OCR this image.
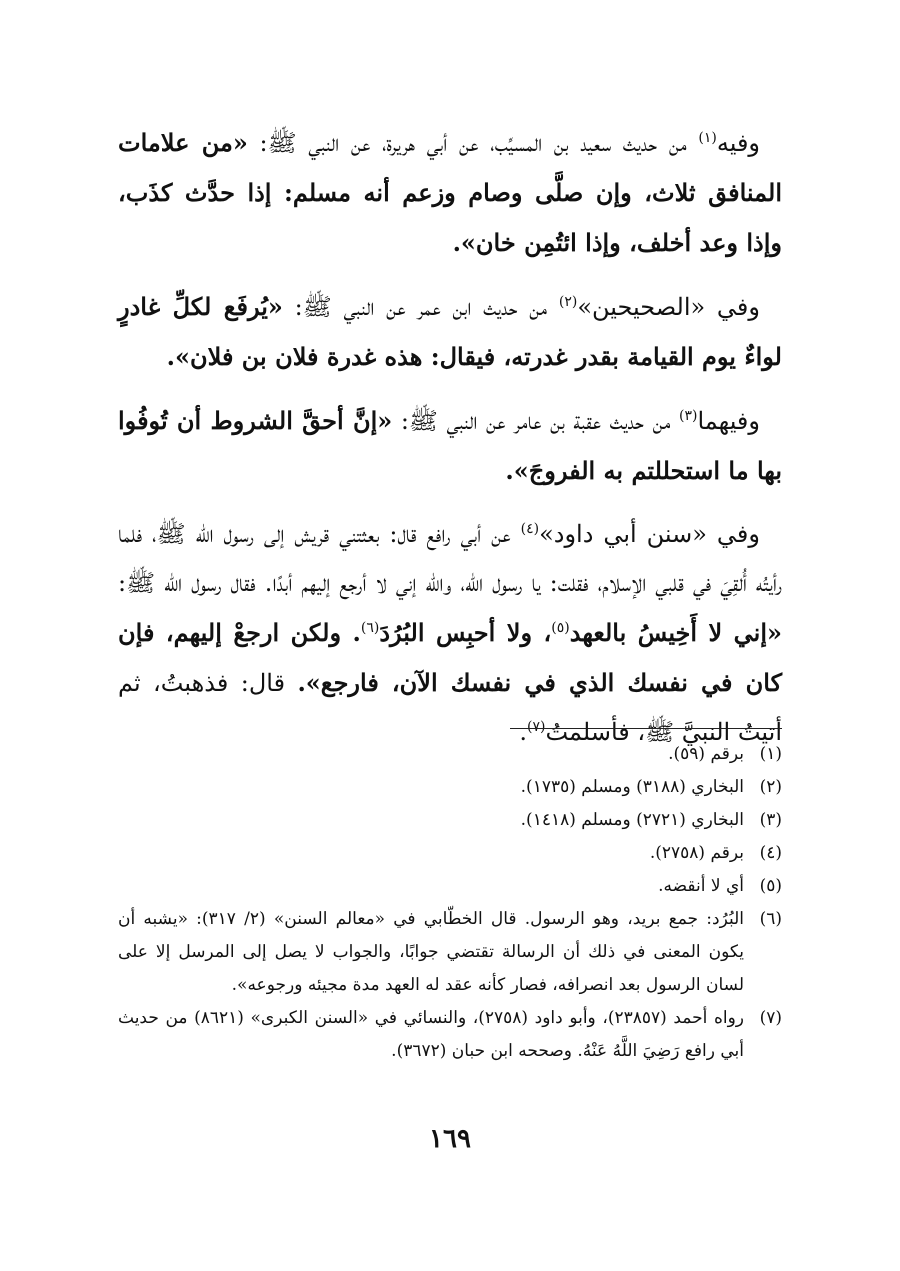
وفيه$^{(١)}$ من حديث سعيد بن المسيِّب، عن أبي هريرة، عن النبي ﷺ: «من علامات المنافق ثلاث، وإن صلَّى وصام وزعم أنه مسلم: إذا حدَّث كذَب، وإذا وعد أخلف، وإذا ائتُمِن خان».

وفي «الصحيحين»$^{(٢)}$ من حديث ابن عمر عن النبي ﷺ: «يُرفَع لكلِّ غادرٍ لواءٌ يوم القيامة بقدر غدرته، فيقال: هذه غدرة فلان بن فلان».

وفيهما$^{(٣)}$ من حديث عقبة بن عامر عن النبي ﷺ: «إنَّ أحقَّ الشروط أن تُوفُوا بها ما استحللتم به الفروجَ».

وفي «سنن أبي داود»$^{(٤)}$ عن أبي رافع قال: بعثتني قريش إلى رسول الله ﷺ، فلما رأيتُه أُلقِيَ في قلبي الإسلام، فقلت: يا رسول الله، والله إني لا أرجع إليهم أبدًا. فقال رسول الله ﷺ: «إني لا أَخِيسُ بالعهد$^{(٥)}$، ولا أحبِس البُرُدَ$^{(٦)}$. ولكن ارجعْ إليهم، فإن كان في نفسك الذي في نفسك الآن، فارجع». قال: فذهبتُ، ثم أتيتُ النبيَّ ﷺ، فأسلمتُ$^{(٧)}$.

(١)
برقم (٥٩).
(٢)
البخاري (٣١٨٨) ومسلم (١٧٣٥).
(٣)
البخاري (٢٧٢١) ومسلم (١٤١٨).
(٤)
برقم (٢٧٥٨).
(٥)
أي لا أنقضه.
(٦)
البُرُد: جمع بريد، وهو الرسول. قال الخطّابي في «معالم السنن» (٢/ ٣١٧): «يشبه أن يكون المعنى في ذلك أن الرسالة تقتضي جوابًا، والجواب لا يصل إلى المرسل إلا على لسان الرسول بعد انصرافه، فصار كأنه عقد له العهد مدة مجيئه ورجوعه».
(٧)
رواه أحمد (٢٣٨٥٧)، وأبو داود (٢٧٥٨)، والنسائي في «السنن الكبرى» (٨٦٢١) من حديث أبي رافع رَضِيَ اللَّهُ عَنْهُ. وصححه ابن حبان (٣٦٧٢).
١٦٩
